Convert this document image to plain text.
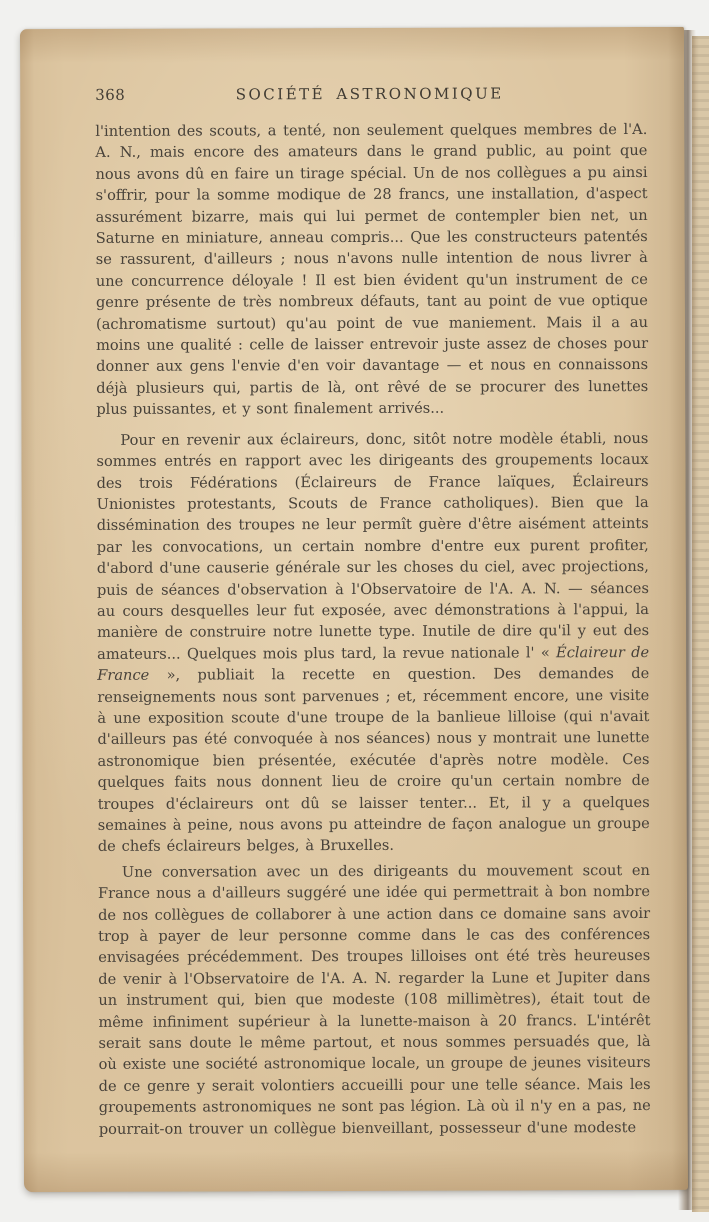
368	SOCIÉTÉ ASTRONOMIQUE

l'intention des scouts, a tenté, non seulement quelques membres de l'A. A. N., mais encore des amateurs dans le grand public, au point que nous avons dû en faire un tirage spécial. Un de nos collègues a pu ainsi s'offrir, pour la somme modique de 28 francs, une installation, d'aspect assurément bizarre, mais qui lui permet de contempler bien net, un Saturne en miniature, anneau compris... Que les constructeurs patentés se rassurent, d'ailleurs ; nous n'avons nulle intention de nous livrer à une concurrence déloyale ! Il est bien évident qu'un instrument de ce genre présente de très nombreux défauts, tant au point de vue optique (achromatisme surtout) qu'au point de vue maniement. Mais il a au moins une qualité : celle de laisser entrevoir juste assez de choses pour donner aux gens l'envie d'en voir davantage — et nous en connaissons déjà plusieurs qui, partis de là, ont rêvé de se procurer des lunettes plus puissantes, et y sont finalement arrivés...

Pour en revenir aux éclaireurs, donc, sitôt notre modèle établi, nous sommes entrés en rapport avec les dirigeants des groupements locaux des trois Fédérations (Éclaireurs de France laïques, Éclaireurs Unionistes protestants, Scouts de France catholiques). Bien que la dissémination des troupes ne leur permît guère d'être aisément atteints par les convocations, un certain nombre d'entre eux purent profiter, d'abord d'une causerie générale sur les choses du ciel, avec projections, puis de séances d'observation à l'Observatoire de l'A. A. N. — séances au cours desquelles leur fut exposée, avec démonstrations à l'appui, la manière de construire notre lunette type. Inutile de dire qu'il y eut des amateurs... Quelques mois plus tard, la revue nationale l' « Éclaireur de France », publiait la recette en question. Des demandes de renseignements nous sont parvenues ; et, récemment encore, une visite à une exposition scoute d'une troupe de la banlieue lilloise (qui n'avait d'ailleurs pas été convoquée à nos séances) nous y montrait une lunette astronomique bien présentée, exécutée d'après notre modèle. Ces quelques faits nous donnent lieu de croire qu'un certain nombre de troupes d'éclaireurs ont dû se laisser tenter... Et, il y a quelques semaines à peine, nous avons pu atteindre de façon analogue un groupe de chefs éclaireurs belges, à Bruxelles.

Une conversation avec un des dirigeants du mouvement scout en France nous a d'ailleurs suggéré une idée qui permettrait à bon nombre de nos collègues de collaborer à une action dans ce domaine sans avoir trop à payer de leur personne comme dans le cas des conférences envisagées précédemment. Des troupes lilloises ont été très heureuses de venir à l'Observatoire de l'A. A. N. regarder la Lune et Jupiter dans un instrument qui, bien que modeste (108 millimètres), était tout de même infiniment supérieur à la lunette-maison à 20 francs. L'intérêt serait sans doute le même partout, et nous sommes persuadés que, là où existe une société astronomique locale, un groupe de jeunes visiteurs de ce genre y serait volontiers accueilli pour une telle séance. Mais les groupements astronomiques ne sont pas légion. Là où il n'y en a pas, ne pourrait-on trouver un collègue bienveillant, possesseur d'une modeste
